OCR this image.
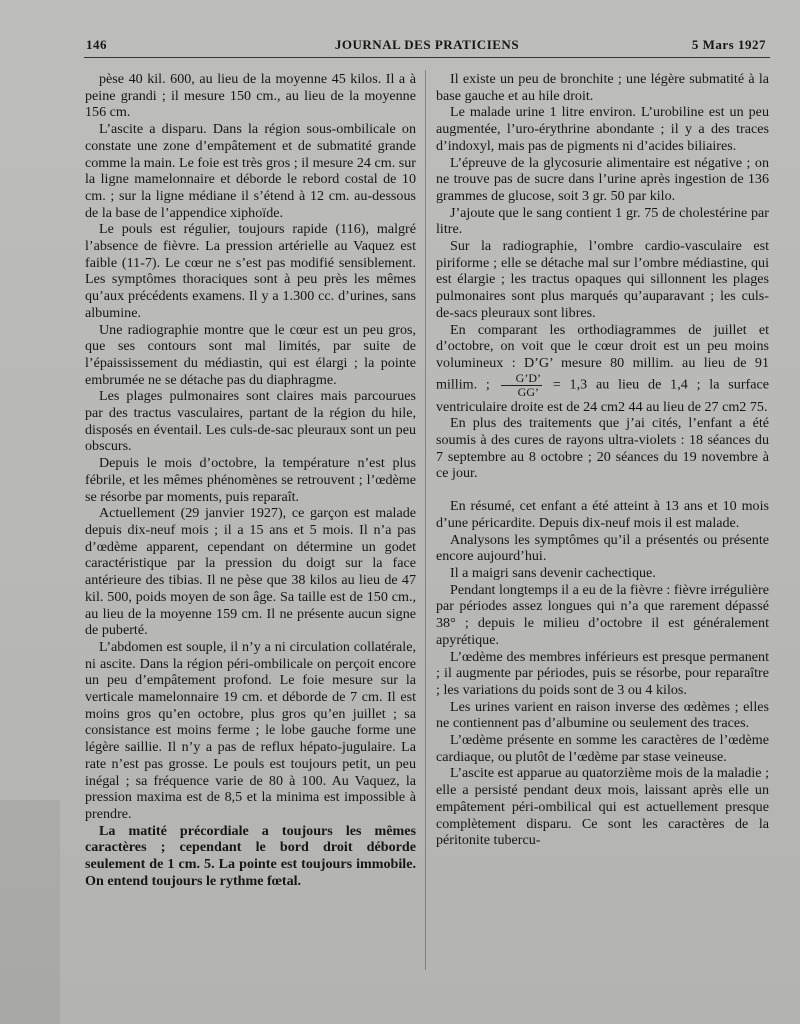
146	JOURNAL DES PRATICIENS	5 Mars 1927

pèse 40 kil. 600, au lieu de la moyenne 45 kilos. Il a à peine grandi ; il mesure 150 cm., au lieu de la moyenne 156 cm.

L’ascite a disparu. Dans la région sous-ombilicale on constate une zone d’empâtement et de submatité grande comme la main. Le foie est très gros ; il mesure 24 cm. sur la ligne mamelonnaire et déborde le rebord costal de 10 cm. ; sur la ligne médiane il s’étend à 12 cm. au-dessous de la base de l’appendice xiphoïde.

Le pouls est régulier, toujours rapide (116), malgré l’absence de fièvre. La pression artérielle au Vaquez est faible (11-7). Le cœur ne s’est pas modifié sensiblement. Les symptômes thoraciques sont à peu près les mêmes qu’aux précédents examens. Il y a 1.300 cc. d’urines, sans albumine.

Une radiographie montre que le cœur est un peu gros, que ses contours sont mal limités, par suite de l’épaississement du médiastin, qui est élargi ; la pointe embrumée ne se détache pas du diaphragme.

Les plages pulmonaires sont claires mais parcourues par des tractus vasculaires, partant de la région du hile, disposés en éventail. Les culs-de-sac pleuraux sont un peu obscurs.

Depuis le mois d’octobre, la température n’est plus fébrile, et les mêmes phénomènes se retrouvent ; l’œdème se résorbe par moments, puis reparaît.

Actuellement (29 janvier 1927), ce garçon est malade depuis dix-neuf mois ; il a 15 ans et 5 mois. Il n’a pas d’œdème apparent, cependant on détermine un godet caractéristique par la pression du doigt sur la face antérieure des tibias. Il ne pèse que 38 kilos au lieu de 47 kil. 500, poids moyen de son âge. Sa taille est de 150 cm., au lieu de la moyenne 159 cm. Il ne présente aucun signe de puberté.

L’abdomen est souple, il n’y a ni circulation collatérale, ni ascite. Dans la région péri-ombilicale on perçoit encore un peu d’empâtement profond. Le foie mesure sur la verticale mamelonnaire 19 cm. et déborde de 7 cm. Il est moins gros qu’en octobre, plus gros qu’en juillet ; sa consistance est moins ferme ; le lobe gauche forme une légère saillie. Il n’y a pas de reflux hépato-jugulaire. La rate n’est pas grosse. Le pouls est toujours petit, un peu inégal ; sa fréquence varie de 80 à 100. Au Vaquez, la pression maxima est de 8,5 et la minima est impossible à prendre.

La matité précordiale a toujours les mêmes caractères ; cependant le bord droit déborde seulement de 1 cm. 5. La pointe est toujours immobile. On entend toujours le rythme fœtal.

Il existe un peu de bronchite ; une légère submatité à la base gauche et au hile droit.

Le malade urine 1 litre environ. L’urobiline est un peu augmentée, l’uro-érythrine abondante ; il y a des traces d’indoxyl, mais pas de pigments ni d’acides biliaires.

L’épreuve de la glycosurie alimentaire est négative ; on ne trouve pas de sucre dans l’urine après ingestion de 136 grammes de glucose, soit 3 gr. 50 par kilo.

J’ajoute que le sang contient 1 gr. 75 de cholestérine par litre.

Sur la radiographie, l’ombre cardio-vasculaire est piriforme ; elle se détache mal sur l’ombre médiastine, qui est élargie ; les tractus opaques qui sillonnent les plages pulmonaires sont plus marqués qu’auparavant ; les culs-de-sacs pleuraux sont libres.

En comparant les orthodiagrammes de juillet et d’octobre, on voit que le cœur droit est un peu moins volumineux : D’G’ mesure 80 millim. au lieu de 91 millim. ; $\frac{G’D’}{GG’} = 1,3$ au lieu de 1,4 ; la surface ventriculaire droite est de 24 cm2 44 au lieu de 27 cm2 75.

En plus des traitements que j’ai cités, l’enfant a été soumis à des cures de rayons ultra-violets : 18 séances du 7 septembre au 8 octobre ; 20 séances du 19 novembre à ce jour.

En résumé, cet enfant a été atteint à 13 ans et 10 mois d’une péricardite. Depuis dix-neuf mois il est malade.

Analysons les symptômes qu’il a présentés ou présente encore aujourd’hui.

Il a maigri sans devenir cachectique.

Pendant longtemps il a eu de la fièvre : fièvre irrégulière par périodes assez longues qui n’a que rarement dépassé 38° ; depuis le milieu d’octobre il est généralement apyrétique.

L’œdème des membres inférieurs est presque permanent ; il augmente par périodes, puis se résorbe, pour reparaître ; les variations du poids sont de 3 ou 4 kilos.

Les urines varient en raison inverse des œdèmes ; elles ne contiennent pas d’albumine ou seulement des traces.

L’œdème présente en somme les caractères de l’œdème cardiaque, ou plutôt de l’œdème par stase veineuse.

L’ascite est apparue au quatorzième mois de la maladie ; elle a persisté pendant deux mois, laissant après elle un empâtement péri-ombilical qui est actuellement presque complètement disparu. Ce sont les caractères de la péritonite tubercu-
